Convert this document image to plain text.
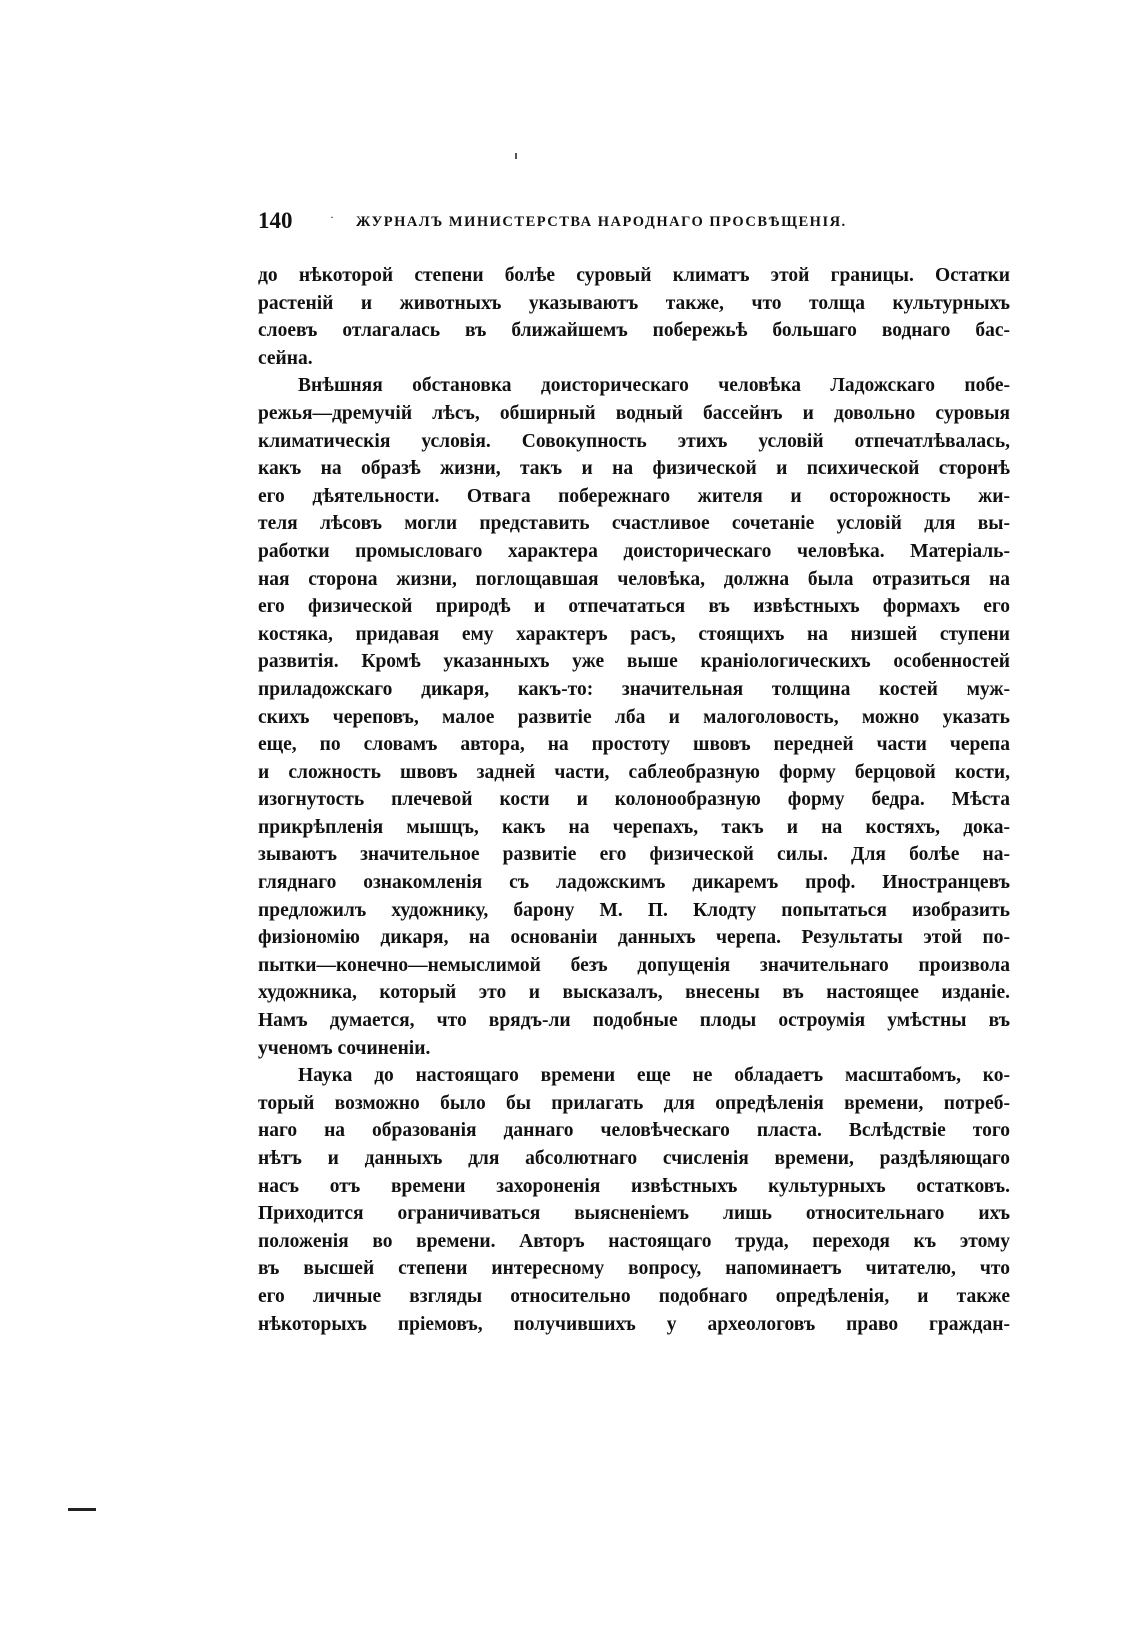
140	· ЖУРНАЛЪ МИНИСТЕРСТВА НАРОДНАГО ПРОСВѢЩЕНІЯ.
до нѣкоторой степени болѣе суровый климатъ этой границы. Остатки
растеній и животныхъ указываютъ также, что толща культурныхъ
слоевъ отлагалась въ ближайшемъ побережьѣ большаго воднаго бас-
сейна.
Внѣшняя обстановка доисторическаго человѣка Ладожскаго побе-
режья—дремучій лѣсъ, обширный водный бассейнъ и довольно суровыя
климатическія условія. Совокупность этихъ условій отпечатлѣвалась,
какъ на образѣ жизни, такъ и на физической и психической сторонѣ
его дѣятельности. Отвага побережнаго жителя и осторожность жи-
теля лѣсовъ могли представить счастливое сочетаніе условій для вы-
работки промысловаго характера доисторическаго человѣка. Матеріаль-
ная сторона жизни, поглощавшая человѣка, должна была отразиться на
его физической природѣ и отпечататься въ извѣстныхъ формахъ его
костяка, придавая ему характеръ расъ, стоящихъ на низшей ступени
развитія. Кромѣ указанныхъ уже выше краніологическихъ особенностей
приладожскаго дикаря, какъ-то: значительная толщина костей муж-
скихъ череповъ, малое развитіе лба и малоголовость, можно указать
еще, по словамъ автора, на простоту швовъ передней части черепа
и сложность швовъ задней части, саблеобразную форму берцовой кости,
изогнутость плечевой кости и колонообразную форму бедра. Мѣста
прикрѣпленія мышцъ, какъ на черепахъ, такъ и на костяхъ, дока-
зываютъ значительное развитіе его физической силы. Для болѣе на-
гляднаго ознакомленія съ ладожскимъ дикаремъ проф. Иностранцевъ
предложилъ художнику, барону М. П. Клодту попытаться изобразить
физіономію дикаря, на основаніи данныхъ черепа. Результаты этой по-
пытки—конечно—немыслимой безъ допущенія значительнаго произвола
художника, который это и высказалъ, внесены въ настоящее изданіе.
Намъ думается, что врядъ-ли подобные плоды остроумія умѣстны въ
ученомъ сочиненіи.
Наука до настоящаго времени еще не обладаетъ масштабомъ, ко-
торый возможно было бы прилагать для опредѣленія времени, потреб-
наго на образованія даннаго человѣческаго пласта. Вслѣдствіе того
нѣтъ и данныхъ для абсолютнаго счисленія времени, раздѣляющаго
насъ отъ времени захороненія извѣстныхъ культурныхъ остатковъ.
Приходится ограничиваться выясненіемъ лишь относительнаго ихъ
положенія во времени. Авторъ настоящаго труда, переходя къ этому
въ высшей степени интересному вопросу, напоминаетъ читателю, что
его личные взгляды относительно подобнаго опредѣленія, и также
нѣкоторыхъ пріемовъ, получившихъ у археологовъ право граждан-
